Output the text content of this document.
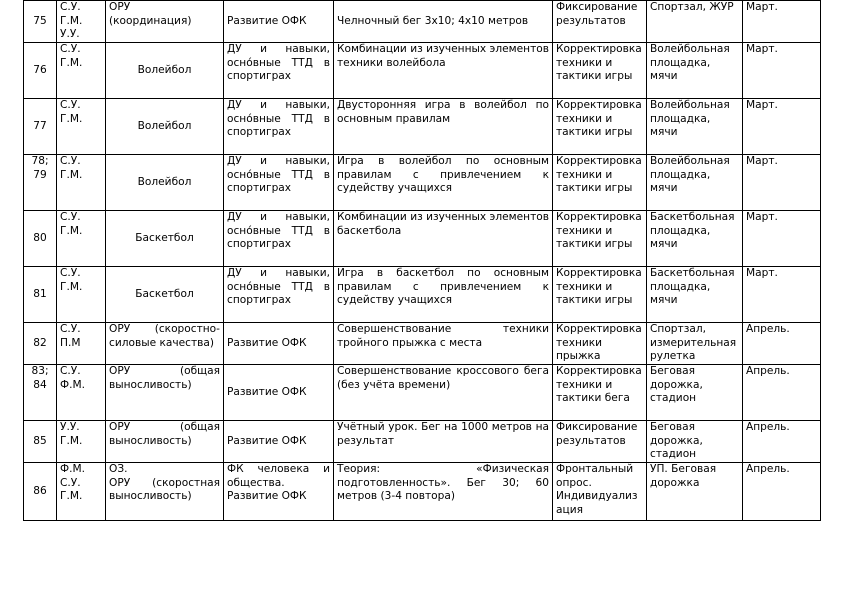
75	С.У.
Г.М.
У.У.	ОРУ
(координация)	Развитие ОФК	Челночный бег 3х10; 4х10 метров	Фиксирование результатов	Спортзал, ЖУР	Март.
76	С.У.
Г.М.	Волейбол	ДУ и навыки, осно́вные ТТД в спортиграх	Комбинации из изученных элементов техники волейбола	Корректировка техники и тактики игры	Волейбольная площадка, мячи	Март.
77	С.У.
Г.М.	Волейбол	ДУ и навыки, осно́вные ТТД в спортиграх	Двусторонняя игра в волейбол по основным правилам	Корректировка техники и тактики игры	Волейбольная площадка, мячи	Март.
78; 79	С.У.
Г.М.	Волейбол	ДУ и навыки, осно́вные ТТД в спортиграх	Игра в волейбол по основным правилам с привлечением к судейству учащихся	Корректировка техники и тактики игры	Волейбольная площадка, мячи	Март.
80	С.У.
Г.М.	Баскетбол	ДУ и навыки, осно́вные ТТД в спортиграх	Комбинации из изученных элементов баскетбола	Корректировка техники и тактики игры	Баскетбольная площадка, мячи	Март.
81	С.У.
Г.М.	Баскетбол	ДУ и навыки, осно́вные ТТД в спортиграх	Игра в баскетбол по основным правилам с привлечением к судейству учащихся	Корректировка техники и тактики игры	Баскетбольная площадка, мячи	Март.
82	С.У.
П.М	ОРУ (скоростно-силовые качества)	Развитие ОФК	Совершенствование техники тройного прыжка с места	Корректировка техники прыжка	Спортзал, измерительная рулетка	Апрель.
83; 84	С.У.
Ф.М.	ОРУ (общая выносливость)	Развитие ОФК	Совершенствование кроссового бега (без учёта времени)	Корректировка техники и тактики бега	Беговая дорожка, стадион	Апрель.
85	У.У.
Г.М.	ОРУ (общая выносливость)	Развитие ОФК	Учётный урок. Бег на 1000 метров на результат	Фиксирование результатов	Беговая дорожка, стадион	Апрель.
86	Ф.М.
С.У.
Г.М.	ОЗ.
ОРУ (скоростная выносливость)	ФК человека и общества. Развитие ОФК	Теория: «Физическая подготовленность». Бег 30; 60 метров (3-4 повтора)	Фронтальный опрос. Индивидуализация	УП. Беговая дорожка	Апрель.
